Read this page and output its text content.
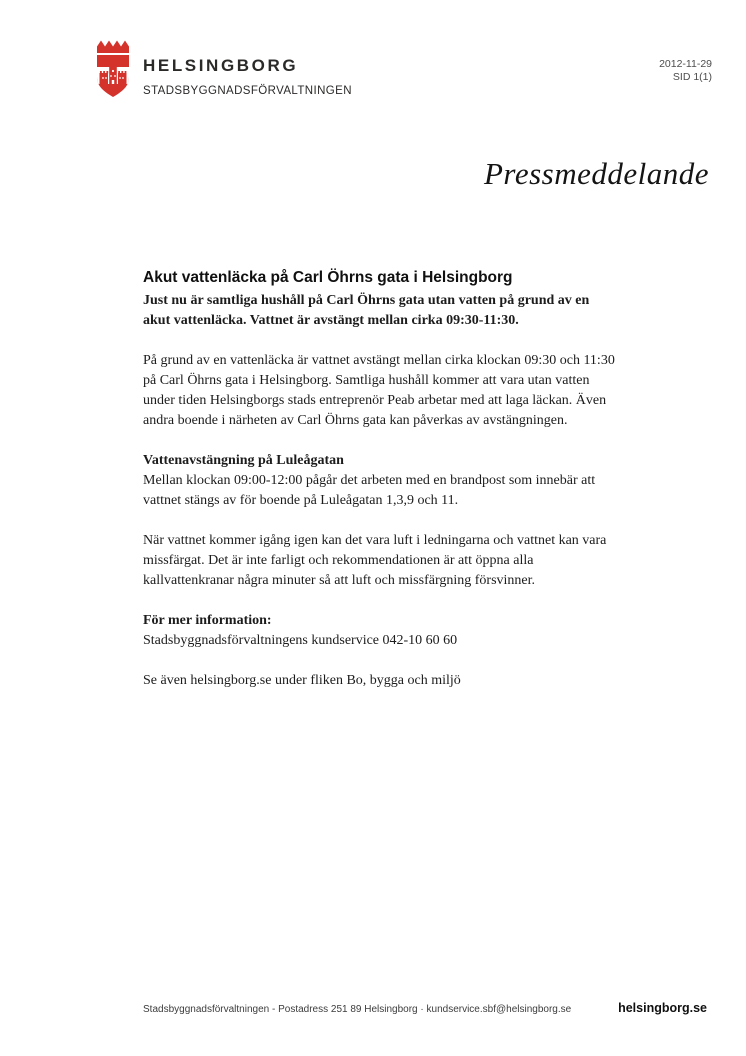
HELSINGBORG
STADSBYGGNADSFÖRVALTNINGEN
2012-11-29
SID 1(1)
Pressmeddelande
Akut vattenläcka på Carl Öhrns gata i Helsingborg

Just nu är samtliga hushåll på Carl Öhrns gata utan vatten på grund av en akut vattenläcka. Vattnet är avstängt mellan cirka 09:30-11:30.

På grund av en vattenläcka är vattnet avstängt mellan cirka klockan 09:30 och 11:30 på Carl Öhrns gata i Helsingborg. Samtliga hushåll kommer att vara utan vatten under tiden Helsingborgs stads entreprenör Peab arbetar med att laga läckan. Även andra boende i närheten av Carl Öhrns gata kan påverkas av avstängningen.

Vattenavstängning på Luleågatan

Mellan klockan 09:00-12:00 pågår det arbeten med en brandpost som innebär att vattnet stängs av för boende på Luleågatan 1,3,9 och 11.

När vattnet kommer igång igen kan det vara luft i ledningarna och vattnet kan vara missfärgat. Det är inte farligt och rekommendationen är att öppna alla kallvattenkranar några minuter så att luft och missfärgning försvinner.

För mer information:

Stadsbyggnadsförvaltningens kundservice 042-10 60 60

Se även helsingborg.se under fliken Bo, bygga och miljö

Stadsbyggnadsförvaltningen - Postadress 251 89 Helsingborg · kundservice.sbf@helsingborg.se	helsingborg.se
